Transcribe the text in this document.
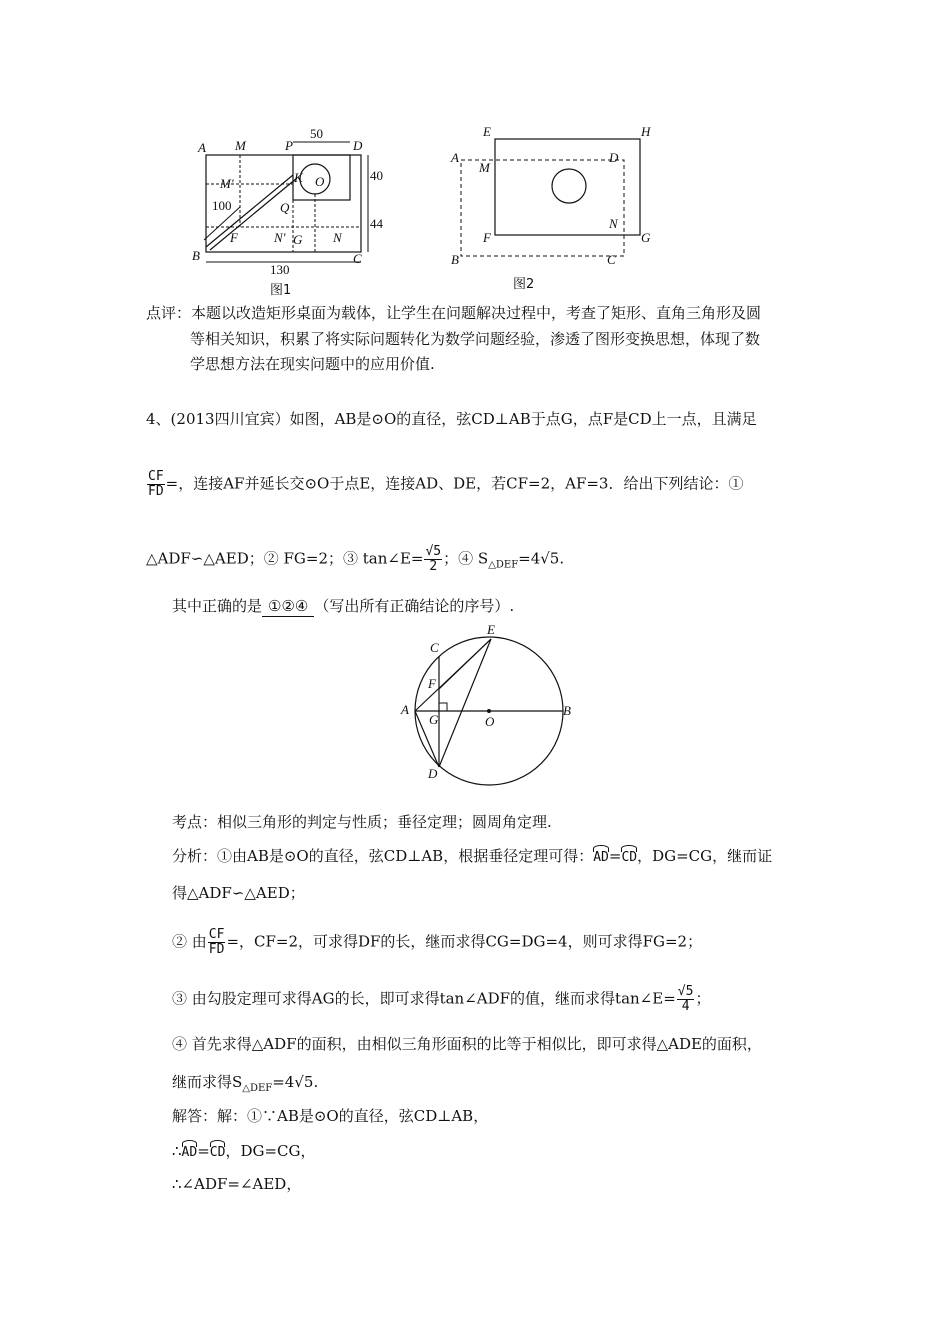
A M	P	D
M'	K O
Q
F	N' G N
B	C
50
40
44
100
130
图1
E	H
A
M
D
F
N
G
B	C
图2
点评：本题以改造矩形桌面为载体，让学生在问题解决过程中，考查了矩形、直角三角形及圆
等相关知识，积累了将实际问题转化为数学问题经验，渗透了图形变换思想，体现了数
学思想方法在现实问题中的应用价值.
4、(2013四川宜宾）如图，AB是⊙O的直径，弦CD⊥AB于点G，点F是CD上一点，且满足
$\frac{CF}{FD}$ =，连接AF并延长交⊙O于点E，连接AD、DE，若CF=2，AF=3．给出下列结论：①
△ADF∽△AED；② FG=2；③ tan∠E= $\frac{√5}{2}$ ；④ $S_{\triangle DEF}=4√5$.
其中正确的是 ①②④ （写出所有正确结论的序号）.
C
E
F
A
G	O
B
D
考点：相似三角形的判定与性质；垂径定理；圆周角定理.
分析：①由AB是⊙O的直径，弦CD⊥AB，根据垂径定理可得：AD=CD，DG=CG，继而证
得△ADF∽△AED；
② 由 $\frac{CF}{FD}$ =，CF=2，可求得DF的长，继而求得CG=DG=4，则可求得FG=2；
③ 由勾股定理可求得AG的长，即可求得tan∠ADF的值，继而求得tan∠E= $\frac{√5}{4}$ ；
④ 首先求得△ADF的面积，由相似三角形面积的比等于相似比，即可求得△ADE的面积，
继而求得$S_{\triangle DEF}=4√5$.
解答：解：①∵AB是⊙O的直径，弦CD⊥AB，
∴AD=CD，DG=CG，
∴∠ADF=∠AED，
